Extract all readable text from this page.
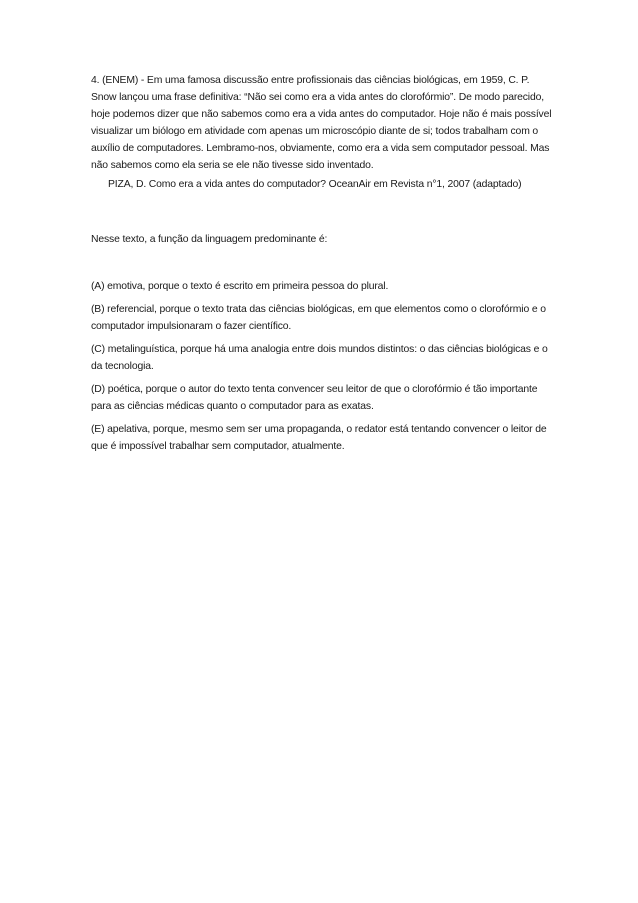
4. (ENEM) - Em uma famosa discussão entre profissionais das ciências biológicas, em 1959, C. P. Snow lançou uma frase definitiva: “Não sei como era a vida antes do clorofórmio”. De modo parecido, hoje podemos dizer que não sabemos como era a vida antes do computador. Hoje não é mais possível visualizar um biólogo em atividade com apenas um microscópio diante de si; todos trabalham com o auxílio de computadores. Lembramo-nos, obviamente, como era a vida sem computador pessoal. Mas não sabemos como ela seria se ele não tivesse sido inventado.

PIZA, D. Como era a vida antes do computador? OceanAir em Revista n°1, 2007 (adaptado)

Nesse texto, a função da linguagem predominante é:

(A) emotiva, porque o texto é escrito em primeira pessoa do plural.
(B) referencial, porque o texto trata das ciências biológicas, em que elementos como o clorofórmio e o computador impulsionaram o fazer científico.
(C) metalinguística, porque há uma analogia entre dois mundos distintos: o das ciências biológicas e o da tecnologia.
(D) poética, porque o autor do texto tenta convencer seu leitor de que o clorofórmio é tão importante para as ciências médicas quanto o computador para as exatas.
(E) apelativa, porque, mesmo sem ser uma propaganda, o redator está tentando convencer o leitor de que é impossível trabalhar sem computador, atualmente.
